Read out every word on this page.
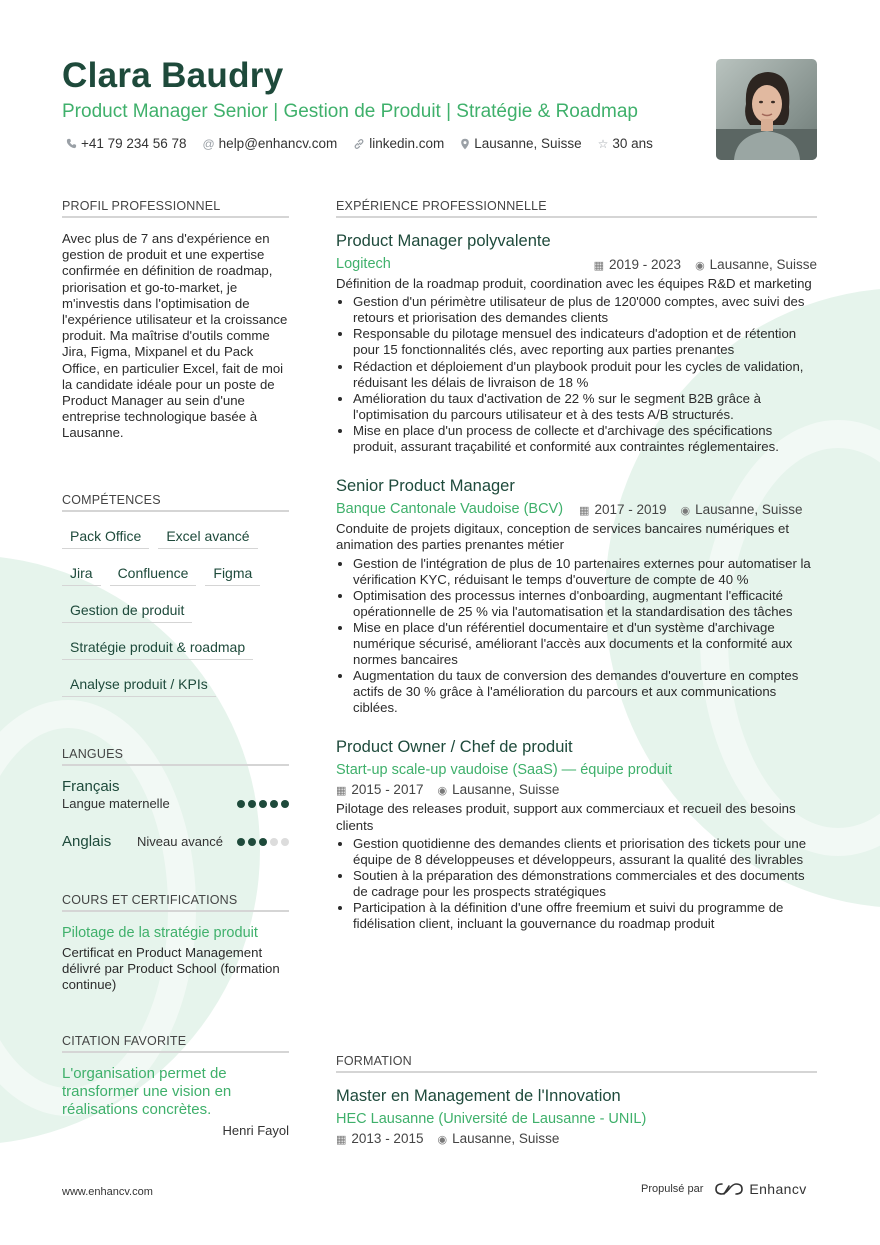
Clara Baudry
Product Manager Senior | Gestion de Produit | Stratégie & Roadmap
+41 79 234 56 78 @ help@enhancv.com linkedin.com Lausanne, Suisse ☆ 30 ans
PROFIL PROFESSIONNEL
Avec plus de 7 ans d'expérience en gestion de produit et une expertise confirmée en définition de roadmap, priorisation et go-to-market, je m'investis dans l'optimisation de l'expérience utilisateur et la croissance produit. Ma maîtrise d'outils comme Jira, Figma, Mixpanel et du Pack Office, en particulier Excel, fait de moi la candidate idéale pour un poste de Product Manager au sein d'une entreprise technologique basée à Lausanne.
COMPÉTENCES
Pack Office	Excel avancé
Jira	Confluence	Figma
Gestion de produit
Stratégie produit & roadmap
Analyse produit / KPIs
LANGUES
Français
Langue maternelle
Anglais Niveau avancé
COURS ET CERTIFICATIONS
Pilotage de la stratégie produit
Certificat en Product Management délivré par Product School (formation continue)
CITATION FAVORITE
L'organisation permet de transformer une vision en réalisations concrètes.
Henri Fayol
EXPÉRIENCE PROFESSIONNELLE
Product Manager polyvalente
Logitech	▦ 2019 - 2023 ◉ Lausanne, Suisse
Définition de la roadmap produit, coordination avec les équipes R&D et marketing
• Gestion d'un périmètre utilisateur de plus de 120'000 comptes, avec suivi des retours et priorisation des demandes clients
• Responsable du pilotage mensuel des indicateurs d'adoption et de rétention pour 15 fonctionnalités clés, avec reporting aux parties prenantes
• Rédaction et déploiement d'un playbook produit pour les cycles de validation, réduisant les délais de livraison de 18 %
• Amélioration du taux d'activation de 22 % sur le segment B2B grâce à l'optimisation du parcours utilisateur et à des tests A/B structurés.
• Mise en place d'un process de collecte et d'archivage des spécifications produit, assurant traçabilité et conformité aux contraintes réglementaires.
Senior Product Manager
Banque Cantonale Vaudoise (BCV) ▦ 2017 - 2019 ◉ Lausanne, Suisse
Conduite de projets digitaux, conception de services bancaires numériques et animation des parties prenantes métier
• Gestion de l'intégration de plus de 10 partenaires externes pour automatiser la vérification KYC, réduisant le temps d'ouverture de compte de 40 %
• Optimisation des processus internes d'onboarding, augmentant l'efficacité opérationnelle de 25 % via l'automatisation et la standardisation des tâches
• Mise en place d'un référentiel documentaire et d'un système d'archivage numérique sécurisé, améliorant l'accès aux documents et la conformité aux normes bancaires
• Augmentation du taux de conversion des demandes d'ouverture en comptes actifs de 30 % grâce à l'amélioration du parcours et aux communications ciblées.
Product Owner / Chef de produit
Start-up scale-up vaudoise (SaaS) — équipe produit
▦ 2015 - 2017 ◉ Lausanne, Suisse
Pilotage des releases produit, support aux commerciaux et recueil des besoins clients
• Gestion quotidienne des demandes clients et priorisation des tickets pour une équipe de 8 développeuses et développeurs, assurant la qualité des livrables
• Soutien à la préparation des démonstrations commerciales et des documents de cadrage pour les prospects stratégiques
• Participation à la définition d'une offre freemium et suivi du programme de fidélisation client, incluant la gouvernance du roadmap produit
FORMATION
Master en Management de l'Innovation
HEC Lausanne (Université de Lausanne - UNIL)
▦ 2013 - 2015 ◉ Lausanne, Suisse
www.enhancv.com	Propulsé par	Enhancv
